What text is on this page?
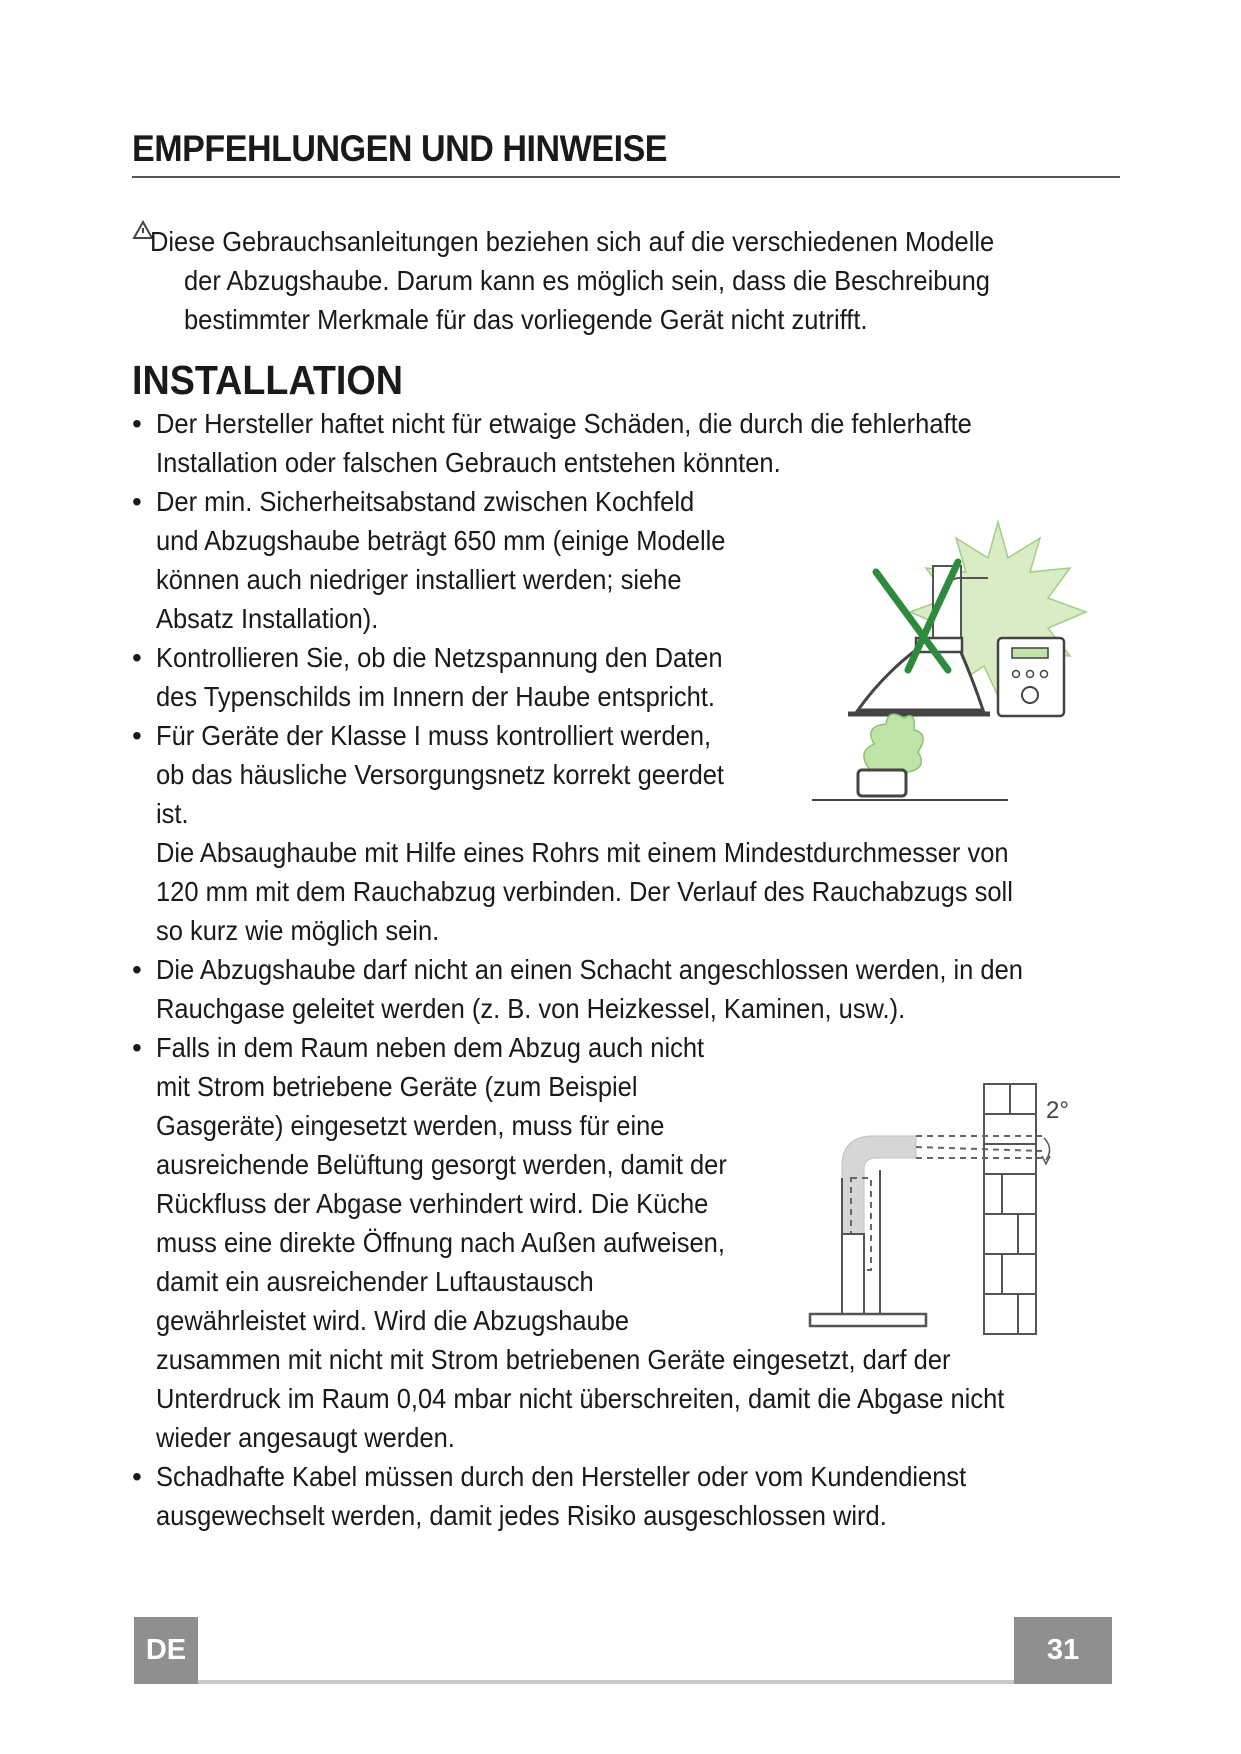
EMPFEHLUNGEN UND HINWEISE
Diese Gebrauchsanleitungen beziehen sich auf die verschiedenen Modelle
der Abzugshaube. Darum kann es möglich sein, dass die Beschreibung
bestimmter Merkmale für das vorliegende Gerät nicht zutrifft.
INSTALLATION
• Der Hersteller haftet nicht für etwaige Schäden, die durch die fehlerhafte
Installation oder falschen Gebrauch entstehen könnten.
• Der min. Sicherheitsabstand zwischen Kochfeld
und Abzugshaube beträgt 650 mm (einige Modelle
können auch niedriger installiert werden; siehe
Absatz Installation).
• Kontrollieren Sie, ob die Netzspannung den Daten
des Typenschilds im Innern der Haube entspricht.
• Für Geräte der Klasse I muss kontrolliert werden,
ob das häusliche Versorgungsnetz korrekt geerdet
ist.
Die Absaughaube mit Hilfe eines Rohrs mit einem Mindestdurchmesser von
120 mm mit dem Rauchabzug verbinden. Der Verlauf des Rauchabzugs soll
so kurz wie möglich sein.
• Die Abzugshaube darf nicht an einen Schacht angeschlossen werden, in den
Rauchgase geleitet werden (z. B. von Heizkessel, Kaminen, usw.).
• Falls in dem Raum neben dem Abzug auch nicht
mit Strom betriebene Geräte (zum Beispiel
Gasgeräte) eingesetzt werden, muss für eine
ausreichende Belüftung gesorgt werden, damit der
Rückfluss der Abgase verhindert wird. Die Küche
muss eine direkte Öffnung nach Außen aufweisen,
damit ein ausreichender Luftaustausch
gewährleistet wird. Wird die Abzugshaube
zusammen mit nicht mit Strom betriebenen Geräte eingesetzt, darf der
Unterdruck im Raum 0,04 mbar nicht überschreiten, damit die Abgase nicht
wieder angesaugt werden.
• Schadhafte Kabel müssen durch den Hersteller oder vom Kundendienst
ausgewechselt werden, damit jedes Risiko ausgeschlossen wird.
2°
DE	31
